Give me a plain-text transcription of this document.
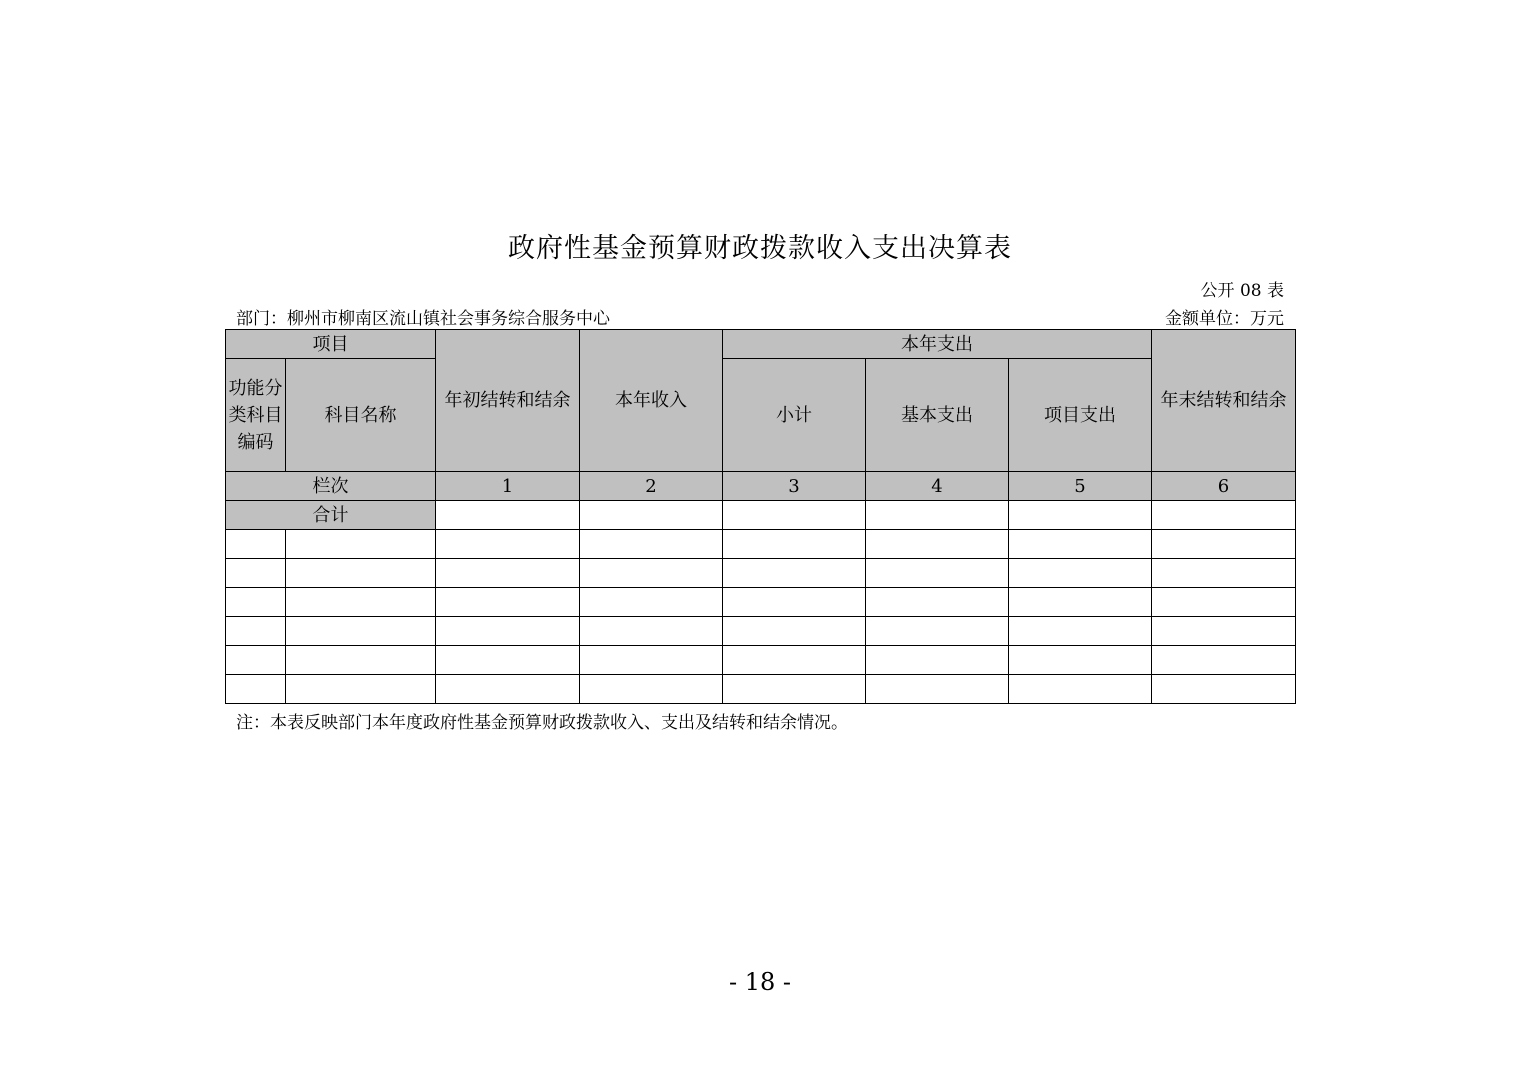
政府性基金预算财政拨款收入支出决算表
公开 08 表
部门：柳州市柳南区流山镇社会事务综合服务中心	金额单位：万元
项目		年初结转和结余	本年收入	本年支出			年末结转和结余
功能分类科目编码	科目名称			小计	基本支出	项目支出	
栏次		1	2	3	4	5	6
合计							

注：本表反映部门本年度政府性基金预算财政拨款收入、支出及结转和结余情况。
- 18 -
